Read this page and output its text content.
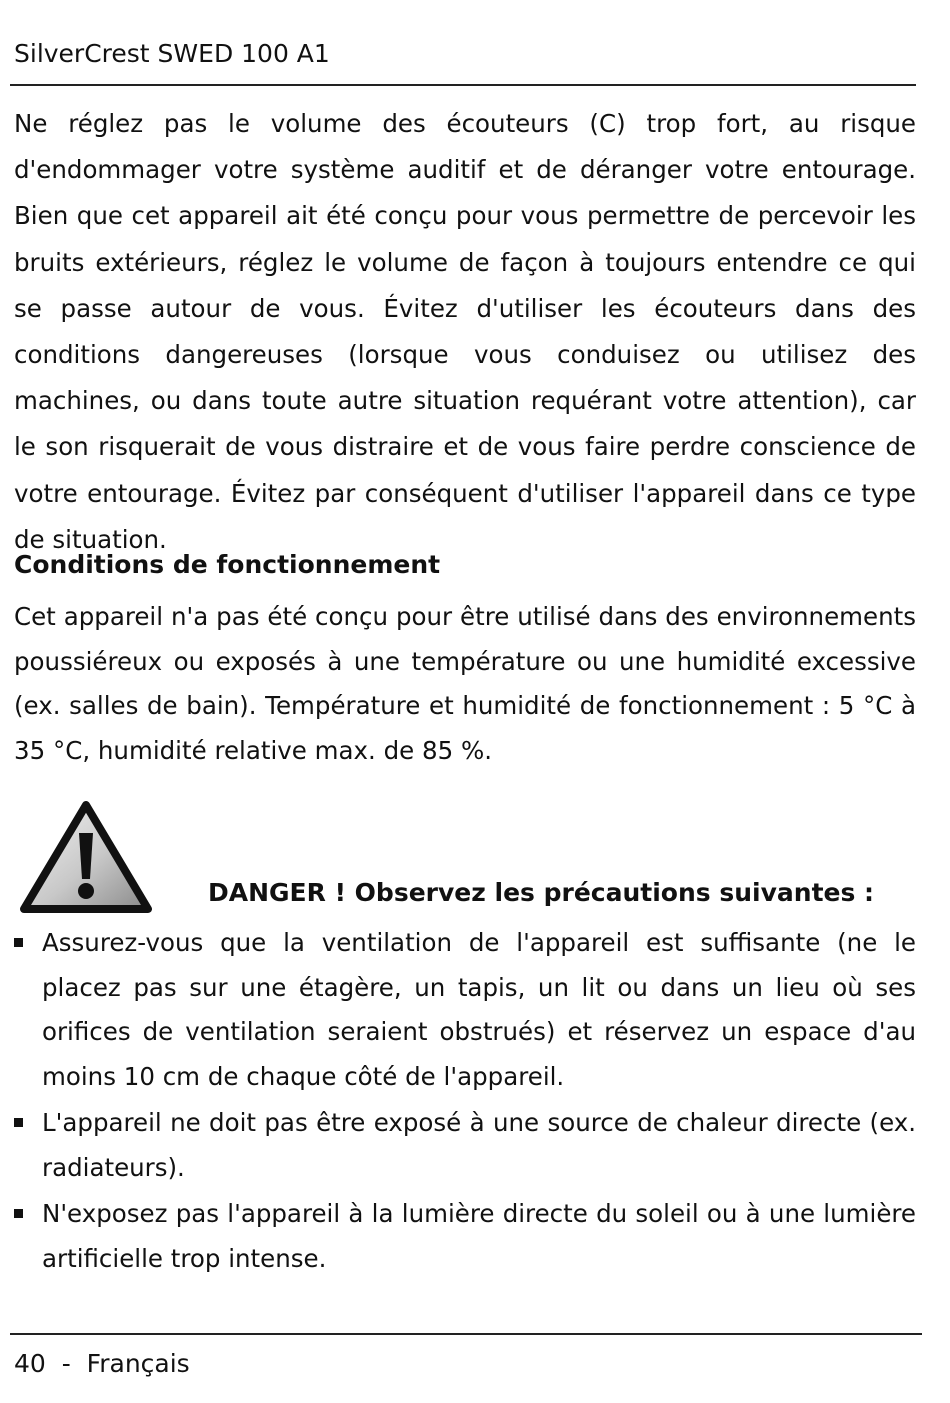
SilverCrest SWED 100 A1

Ne réglez pas le volume des écouteurs (C) trop fort, au risque d'endommager votre système auditif et de déranger votre entourage. Bien que cet appareil ait été conçu pour vous permettre de percevoir les bruits extérieurs, réglez le volume de façon à toujours entendre ce qui se passe autour de vous. Évitez d'utiliser les écouteurs dans des conditions dangereuses (lorsque vous conduisez ou utilisez des machines, ou dans toute autre situation requérant votre attention), car le son risquerait de vous distraire et de vous faire perdre conscience de votre entourage. Évitez par conséquent d'utiliser l'appareil dans ce type de situation.

Conditions de fonctionnement

Cet appareil n'a pas été conçu pour être utilisé dans des environnements poussiéreux ou exposés à une température ou une humidité excessive (ex. salles de bain). Température et humidité de fonctionnement : 5 °C à 35 °C, humidité relative max. de 85 %.

DANGER ! Observez les précautions suivantes :
Assurez-vous que la ventilation de l'appareil est suffisante (ne le placez pas sur une étagère, un tapis, un lit ou dans un lieu où ses orifices de ventilation seraient obstrués) et réservez un espace d'au moins 10 cm de chaque côté de l'appareil.
L'appareil ne doit pas être exposé à une source de chaleur directe (ex. radiateurs).
N'exposez pas l'appareil à la lumière directe du soleil ou à une lumière artificielle trop intense.
40 - Français
